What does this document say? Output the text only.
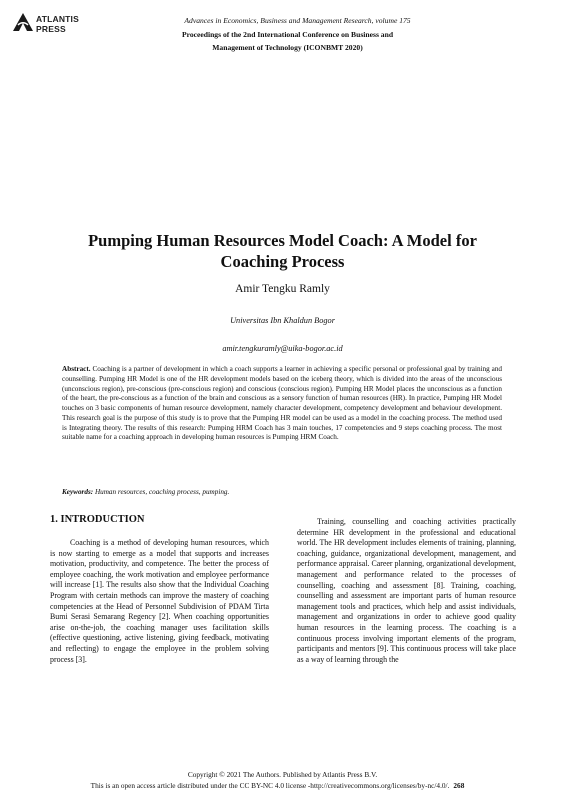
ATLANTIS
PRESS
Advances in Economics, Business and Management Research, volume 175
Proceedings of the 2nd International Conference on Business and
Management of Technology (ICONBMT 2020)
Pumping Human Resources Model Coach: A Model for Coaching Process
Amir Tengku Ramly
Universitas Ibn Khaldun Bogor
amir.tengkuramly@uika-bogor.ac.id

Abstract. Coaching is a partner of development in which a coach supports a learner in achieving a specific personal or professional goal by training and counselling. Pumping HR Model is one of the HR development models based on the iceberg theory, which is divided into the areas of the unconscious (unconscious region), pre-conscious (pre-conscious region) and conscious (conscious region). Pumping HR Model places the unconscious as a function of the heart, the pre-conscious as a function of the brain and conscious as a sensory function of human resources (HR). In practice, Pumping HR Model touches on 3 basic components of human resource development, namely character development, competency development and behaviour development. This research goal is the purpose of this study is to prove that the Pumping HR model can be used as a model in the coaching process. The method used is Integrating theory. The results of this research: Pumping HRM Coach has 3 main touches, 17 competencies and 9 steps coaching process. The most suitable name for a coaching approach in developing human resources is Pumping HRM Coach.

Keywords: Human resources, coaching process, pumping.
1. INTRODUCTION

Coaching is a method of developing human resources, which is now starting to emerge as a model that supports and increases motivation, productivity, and competence. The better the process of employee coaching, the work motivation and employee performance will increase [1]. The results also show that the Individual Coaching Program with certain methods can improve the mastery of coaching competencies at the Head of Personnel Subdivision of PDAM Tirta Bumi Serasi Semarang Regency [2]. When coaching opportunities arise on-the-job, the coaching manager uses facilitation skills (effective questioning, active listening, giving feedback, motivating and reflecting) to engage the employee in the problem solving process [3].

Training, counselling and coaching activities practically determine HR development in the professional and educational world. The HR development includes elements of training, planning, coaching, guidance, organizational development, management, and performance appraisal. Career planning, organizational development, management and performance related to the processes of counselling, coaching and assessment [8]. Training, coaching, counselling and assessment are important parts of human resource management tools and practices, which help and assist individuals, management and organizations in order to achieve good quality human resources in the learning process. The coaching is a continuous process involving important elements of the program, participants and mentors [9]. This continuous process will take place as a way of learning through the

Copyright © 2021 The Authors. Published by Atlantis Press B.V.
This is an open access article distributed under the CC BY-NC 4.0 license -http://creativecommons.org/licenses/by-nc/4.0/. 268
